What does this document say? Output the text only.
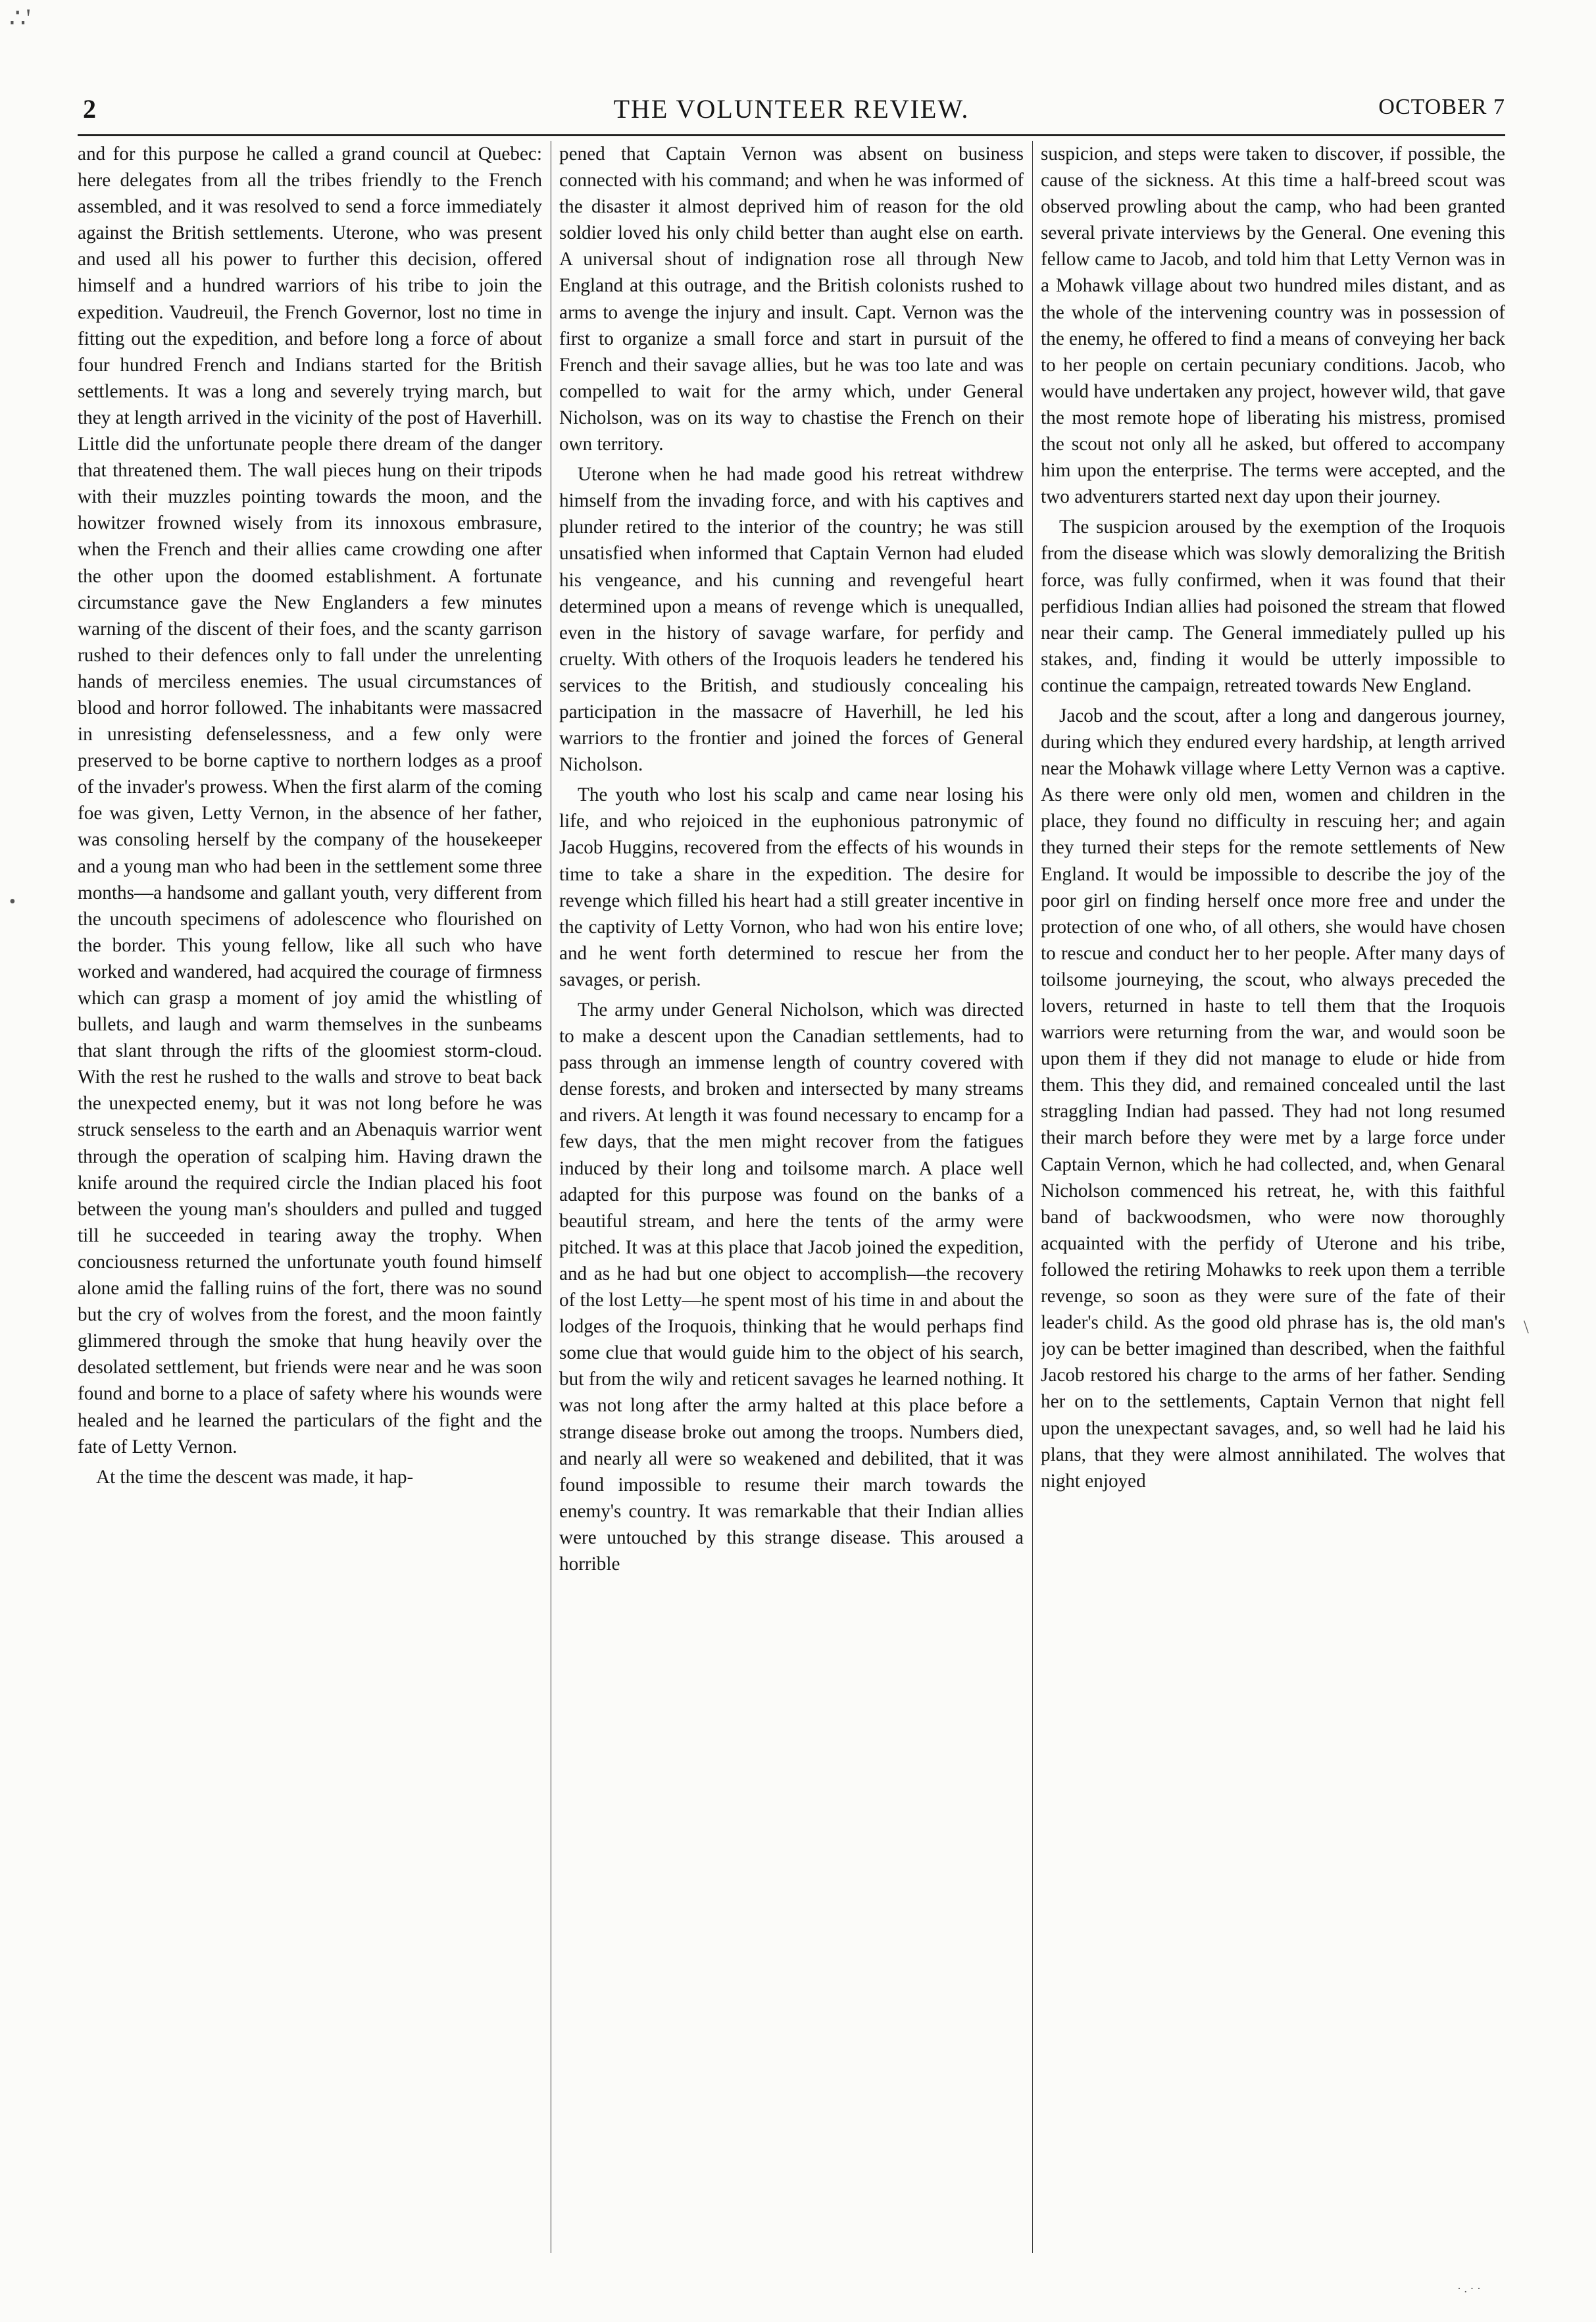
∴'
•
\
· . · ·
2	THE VOLUNTEER REVIEW.	OCTOBER 7

and for this purpose he called a grand council at Quebec: here delegates from all the tribes friendly to the French assembled, and it was resolved to send a force immediately against the British settlements. Uterone, who was present and used all his power to further this decision, offered himself and a hundred warriors of his tribe to join the expedition. Vaudreuil, the French Governor, lost no time in fitting out the expedition, and before long a force of about four hundred French and Indians started for the British settlements. It was a long and severely trying march, but they at length arrived in the vicinity of the post of Haverhill. Little did the unfortunate people there dream of the danger that threatened them. The wall pieces hung on their tripods with their muzzles pointing towards the moon, and the howitzer frowned wisely from its innoxous embrasure, when the French and their allies came crowding one after the other upon the doomed establishment. A fortunate circumstance gave the New Englanders a few minutes warning of the discent of their foes, and the scanty garrison rushed to their defences only to fall under the unrelenting hands of merciless enemies. The usual circumstances of blood and horror followed. The inhabitants were massacred in unresisting defenselessness, and a few only were preserved to be borne captive to northern lodges as a proof of the invader's prowess. When the first alarm of the coming foe was given, Letty Vernon, in the absence of her father, was consoling herself by the company of the housekeeper and a young man who had been in the settlement some three months—a handsome and gallant youth, very different from the uncouth specimens of adolescence who flourished on the border. This young fellow, like all such who have worked and wandered, had acquired the courage of firmness which can grasp a moment of joy amid the whistling of bullets, and laugh and warm themselves in the sunbeams that slant through the rifts of the gloomiest storm-cloud. With the rest he rushed to the walls and strove to beat back the unexpected enemy, but it was not long before he was struck senseless to the earth and an Abenaquis warrior went through the operation of scalping him. Having drawn the knife around the required circle the Indian placed his foot between the young man's shoulders and pulled and tugged till he succeeded in tearing away the trophy. When conciousness returned the unfortunate youth found himself alone amid the falling ruins of the fort, there was no sound but the cry of wolves from the forest, and the moon faintly glimmered through the smoke that hung heavily over the desolated settlement, but friends were near and he was soon found and borne to a place of safety where his wounds were healed and he learned the particulars of the fight and the fate of Letty Vernon.

At the time the descent was made, it hap-

pened that Captain Vernon was absent on business connected with his command; and when he was informed of the disaster it almost deprived him of reason for the old soldier loved his only child better than aught else on earth. A universal shout of indignation rose all through New England at this outrage, and the British colonists rushed to arms to avenge the injury and insult. Capt. Vernon was the first to organize a small force and start in pursuit of the French and their savage allies, but he was too late and was compelled to wait for the army which, under General Nicholson, was on its way to chastise the French on their own territory.

Uterone when he had made good his retreat withdrew himself from the invading force, and with his captives and plunder retired to the interior of the country; he was still unsatisfied when informed that Captain Vernon had eluded his vengeance, and his cunning and revengeful heart determined upon a means of revenge which is unequalled, even in the history of savage warfare, for perfidy and cruelty. With others of the Iroquois leaders he tendered his services to the British, and studiously concealing his participation in the massacre of Haverhill, he led his warriors to the frontier and joined the forces of General Nicholson.

The youth who lost his scalp and came near losing his life, and who rejoiced in the euphonious patronymic of Jacob Huggins, recovered from the effects of his wounds in time to take a share in the expedition. The desire for revenge which filled his heart had a still greater incentive in the captivity of Letty Vornon, who had won his entire love; and he went forth determined to rescue her from the savages, or perish.

The army under General Nicholson, which was directed to make a descent upon the Canadian settlements, had to pass through an immense length of country covered with dense forests, and broken and intersected by many streams and rivers. At length it was found necessary to encamp for a few days, that the men might recover from the fatigues induced by their long and toilsome march. A place well adapted for this purpose was found on the banks of a beautiful stream, and here the tents of the army were pitched. It was at this place that Jacob joined the expedition, and as he had but one object to accomplish—the recovery of the lost Letty—he spent most of his time in and about the lodges of the Iroquois, thinking that he would perhaps find some clue that would guide him to the object of his search, but from the wily and reticent savages he learned nothing. It was not long after the army halted at this place before a strange disease broke out among the troops. Numbers died, and nearly all were so weakened and debilited, that it was found impossible to resume their march towards the enemy's country. It was remarkable that their Indian allies were untouched by this strange disease. This aroused a horrible

suspicion, and steps were taken to discover, if possible, the cause of the sickness. At this time a half-breed scout was observed prowling about the camp, who had been granted several private interviews by the General. One evening this fellow came to Jacob, and told him that Letty Vernon was in a Mohawk village about two hundred miles distant, and as the whole of the intervening country was in possession of the enemy, he offered to find a means of conveying her back to her people on certain pecuniary conditions. Jacob, who would have undertaken any project, however wild, that gave the most remote hope of liberating his mistress, promised the scout not only all he asked, but offered to accompany him upon the enterprise. The terms were accepted, and the two adventurers started next day upon their journey.

The suspicion aroused by the exemption of the Iroquois from the disease which was slowly demoralizing the British force, was fully confirmed, when it was found that their perfidious Indian allies had poisoned the stream that flowed near their camp. The General immediately pulled up his stakes, and, finding it would be utterly impossible to continue the campaign, retreated towards New England.

Jacob and the scout, after a long and dangerous journey, during which they endured every hardship, at length arrived near the Mohawk village where Letty Vernon was a captive. As there were only old men, women and children in the place, they found no difficulty in rescuing her; and again they turned their steps for the remote settlements of New England. It would be impossible to describe the joy of the poor girl on finding herself once more free and under the protection of one who, of all others, she would have chosen to rescue and conduct her to her people. After many days of toilsome journeying, the scout, who always preceded the lovers, returned in haste to tell them that the Iroquois warriors were returning from the war, and would soon be upon them if they did not manage to elude or hide from them. This they did, and remained concealed until the last straggling Indian had passed. They had not long resumed their march before they were met by a large force under Captain Vernon, which he had collected, and, when Genaral Nicholson commenced his retreat, he, with this faithful band of backwoodsmen, who were now thoroughly acquainted with the perfidy of Uterone and his tribe, followed the retiring Mohawks to reek upon them a terrible revenge, so soon as they were sure of the fate of their leader's child. As the good old phrase has is, the old man's joy can be better imagined than described, when the faithful Jacob restored his charge to the arms of her father. Sending her on to the settlements, Captain Vernon that night fell upon the unexpectant savages, and, so well had he laid his plans, that they were almost annihilated. The wolves that night enjoyed
